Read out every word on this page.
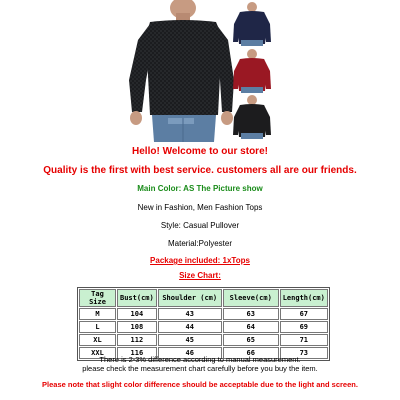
Hello! Welcome to our store!
Quality is the first with best service. customers all are our friends.
Main Color: AS The Picture show
New in Fashion, Men Fashion Tops
Style: Casual Pullover
Material:Polyester
Package included: 1xTops
Size Chart:
Tag Size	Bust(cm)	Shoulder (cm)	Sleeve(cm)	Length(cm)
M	104	43	63	67
L	108	44	64	69
XL	112	45	65	71
XXL	116	46	66	73
There is 2-3% difference according to manual measurement.
please check the measurement chart carefully before you buy the item.
Please note that slight color difference should be acceptable due to the light and screen.
